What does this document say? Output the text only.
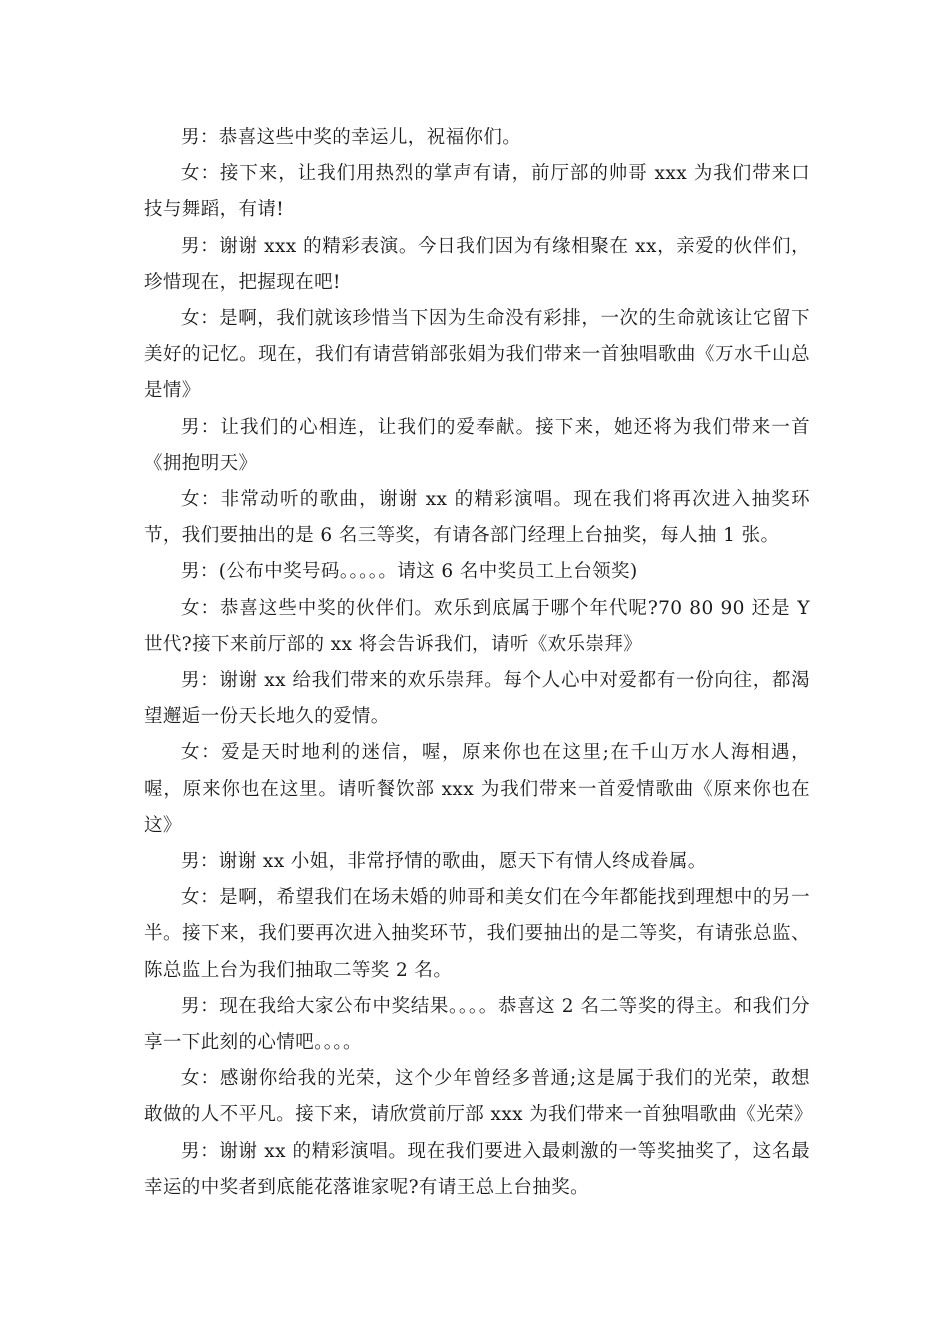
男：恭喜这些中奖的幸运儿，祝福你们。

女：接下来，让我们用热烈的掌声有请，前厅部的帅哥 xxx 为我们带来口技与舞蹈，有请!

男：谢谢 xxx 的精彩表演。今日我们因为有缘相聚在 xx，亲爱的伙伴们，珍惜现在，把握现在吧!

女：是啊，我们就该珍惜当下因为生命没有彩排，一次的生命就该让它留下美好的记忆。现在，我们有请营销部张娟为我们带来一首独唱歌曲《万水千山总是情》

男：让我们的心相连，让我们的爱奉献。接下来，她还将为我们带来一首《拥抱明天》

女：非常动听的歌曲，谢谢 xx 的精彩演唱。现在我们将再次进入抽奖环节，我们要抽出的是 6 名三等奖，有请各部门经理上台抽奖，每人抽 1 张。

男：(公布中奖号码。。。。。请这 6 名中奖员工上台领奖)

女：恭喜这些中奖的伙伴们。欢乐到底属于哪个年代呢?70 80 90 还是 Y 世代?接下来前厅部的 xx 将会告诉我们，请听《欢乐崇拜》

男：谢谢 xx 给我们带来的欢乐崇拜。每个人心中对爱都有一份向往，都渴望邂逅一份天长地久的爱情。

女：爱是天时地利的迷信，喔，原来你也在这里;在千山万水人海相遇，喔，原来你也在这里。请听餐饮部 xxx 为我们带来一首爱情歌曲《原来你也在这》

男：谢谢 xx 小姐，非常抒情的歌曲，愿天下有情人终成眷属。

女：是啊，希望我们在场未婚的帅哥和美女们在今年都能找到理想中的另一半。接下来，我们要再次进入抽奖环节，我们要抽出的是二等奖，有请张总监、陈总监上台为我们抽取二等奖 2 名。

男：现在我给大家公布中奖结果。。。。恭喜这 2 名二等奖的得主。和我们分享一下此刻的心情吧。。。。

女：感谢你给我的光荣，这个少年曾经多普通;这是属于我们的光荣，敢想敢做的人不平凡。接下来，请欣赏前厅部 xxx 为我们带来一首独唱歌曲《光荣》

男：谢谢 xx 的精彩演唱。现在我们要进入最刺激的一等奖抽奖了，这名最幸运的中奖者到底能花落谁家呢?有请王总上台抽奖。
